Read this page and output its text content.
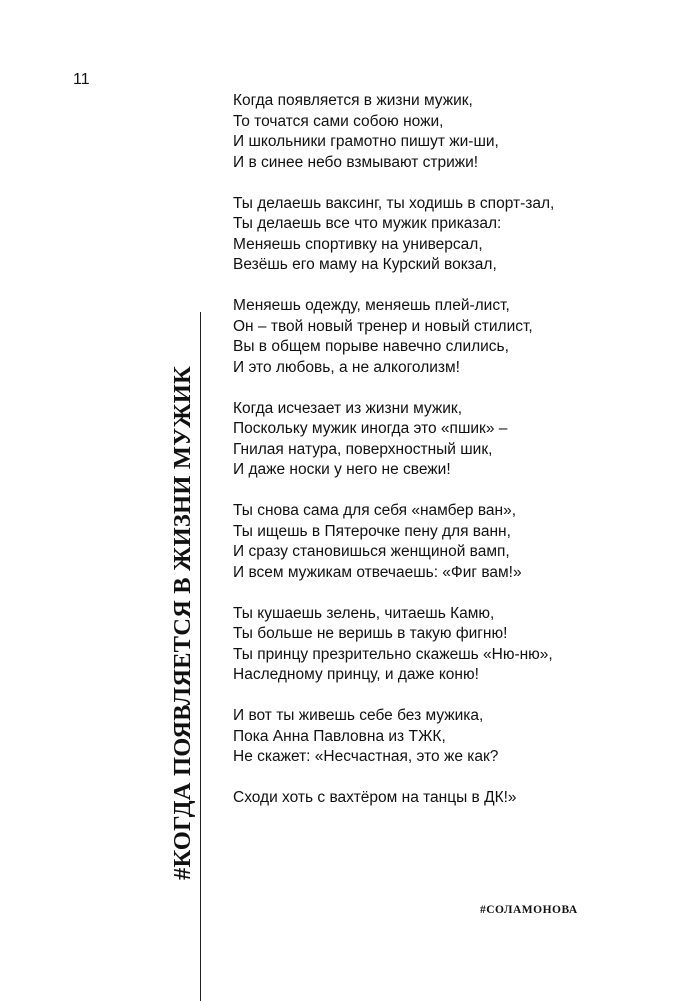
11
#КОГДА ПОЯВЛЯЕТСЯ В ЖИЗНИ МУЖИК
Когда появляется в жизни мужик,
То точатся сами собою ножи,
И школьники грамотно пишут жи-ши,
И в синее небо взмывают стрижи!
Ты делаешь ваксинг, ты ходишь в спорт-зал,
Ты делаешь все что мужик приказал:
Меняешь спортивку на универсал,
Везёшь его маму на Курский вокзал,
Меняешь одежду, меняешь плей-лист,
Он – твой новый тренер и новый стилист,
Вы в общем порыве навечно слились,
И это любовь, а не алкоголизм!
Когда исчезает из жизни мужик,
Поскольку мужик иногда это «пшик» –
Гнилая натура, поверхностный шик,
И даже носки у него не свежи!
Ты снова сама для себя «намбер ван»,
Ты ищешь в Пятерочке пену для ванн,
И сразу становишься женщиной вамп,
И всем мужикам отвечаешь: «Фиг вам!»
Ты кушаешь зелень, читаешь Камю,
Ты больше не веришь в такую фигню!
Ты принцу презрительно скажешь «Ню-ню»,
Наследному принцу, и даже коню!
И вот ты живешь себе без мужика,
Пока Анна Павловна из ТЖК,
Не скажет: «Несчастная, это же как?
Сходи хоть с вахтёром на танцы в ДК!»
#СОЛАМОНОВА
